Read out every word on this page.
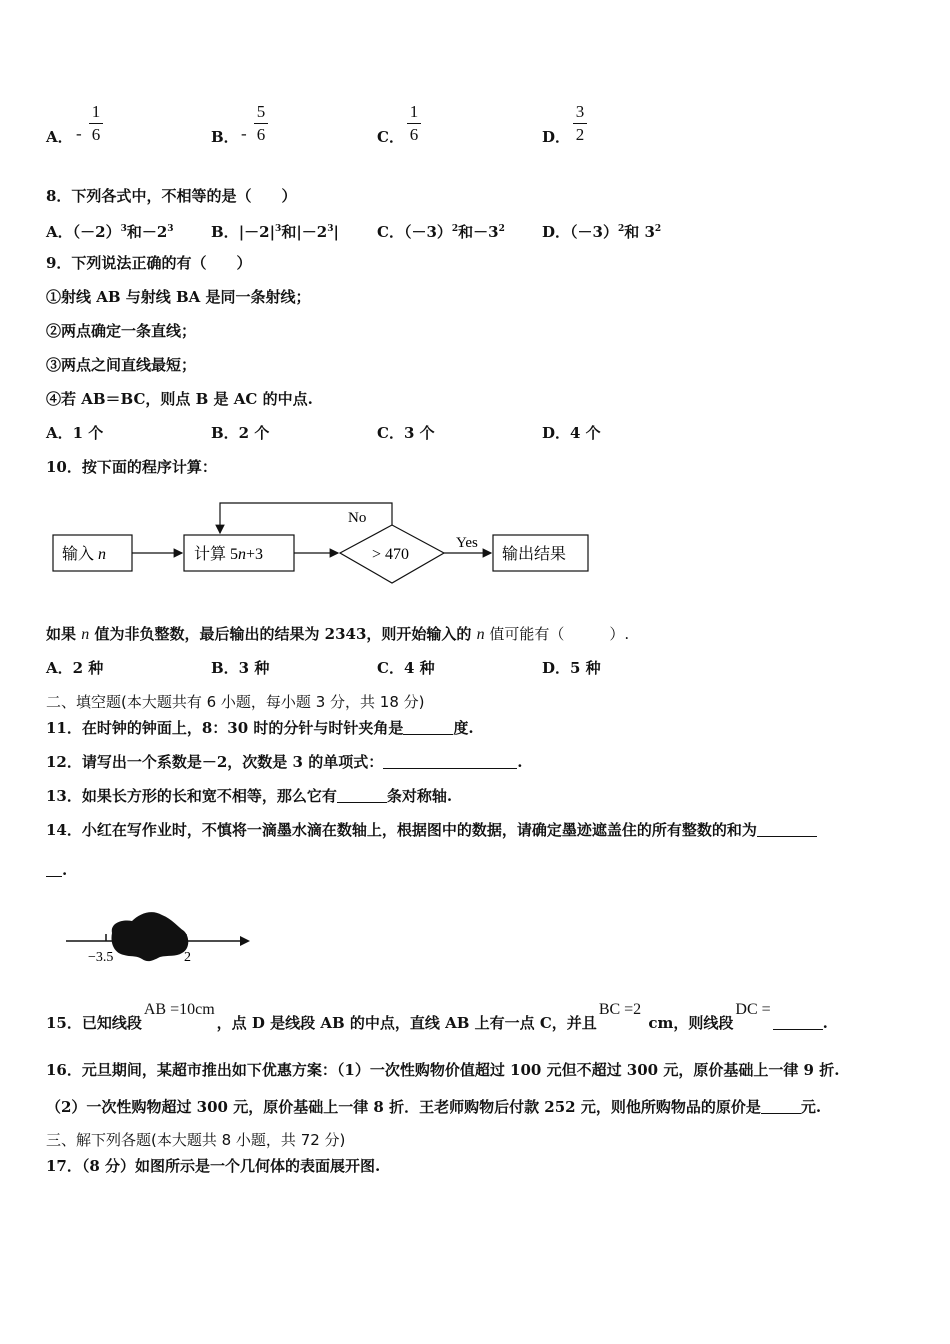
A． -
1
6	B． -
5
6	C．
1
6	D．
3
2
8．下列各式中，不相等的是（　　）
A．$(-2)^3$和$-2^3$ B．$|-2|^3$和$|-2^3|$	C．$(-3)^2$和$-3^2$ D．$(-3)^2$和 $3^2$
9．下列说法正确的有（　　）
①射线 AB 与射线 BA 是同一条射线；
②两点确定一条直线；
③两点之间直线最短；
④若 AB＝BC，则点 B 是 AC 的中点.
A．1 个	B．2 个	C．3 个	D．4 个
10．按下面的程序计算：
输入 n	计算 5n+3	> 470
No
Yes
输出结果
如果 n 值为非负整数，最后输出的结果为 2343，则开始输入的 n 值可能有（　　　）.
A．2 种	B．3 种	C．4 种	D．5 种
二、填空题(本大题共有 6 小题，每小题 3 分，共 18 分)
11．在时钟的钟面上，8：30 时的分针与时针夹角是	度.
12．请写出一个系数是－2，次数是 3 的单项式：	.
13．如果长方形的长和宽不相等，那么它有	条对称轴.
14．小红在写作业时，不慎将一滴墨水滴在数轴上，根据图中的数据，请确定墨迹遮盖住的所有整数的和为
.
−3.5	2
15．已知线段AB =10cm，点 D 是线段 AB 的中点，直线 AB 上有一点 C，并且BC =2 cm，则线段DC =.
16．元旦期间，某超市推出如下优惠方案：（1）一次性购物价值超过 100 元但不超过 300 元，原价基础上一律 9 折.
（2）一次性购物超过 300 元，原价基础上一律 8 折．王老师购物后付款 252 元，则他所购物品的原价是	元.
三、解下列各题(本大题共 8 小题，共 72 分)
17．（8 分）如图所示是一个几何体的表面展开图.
